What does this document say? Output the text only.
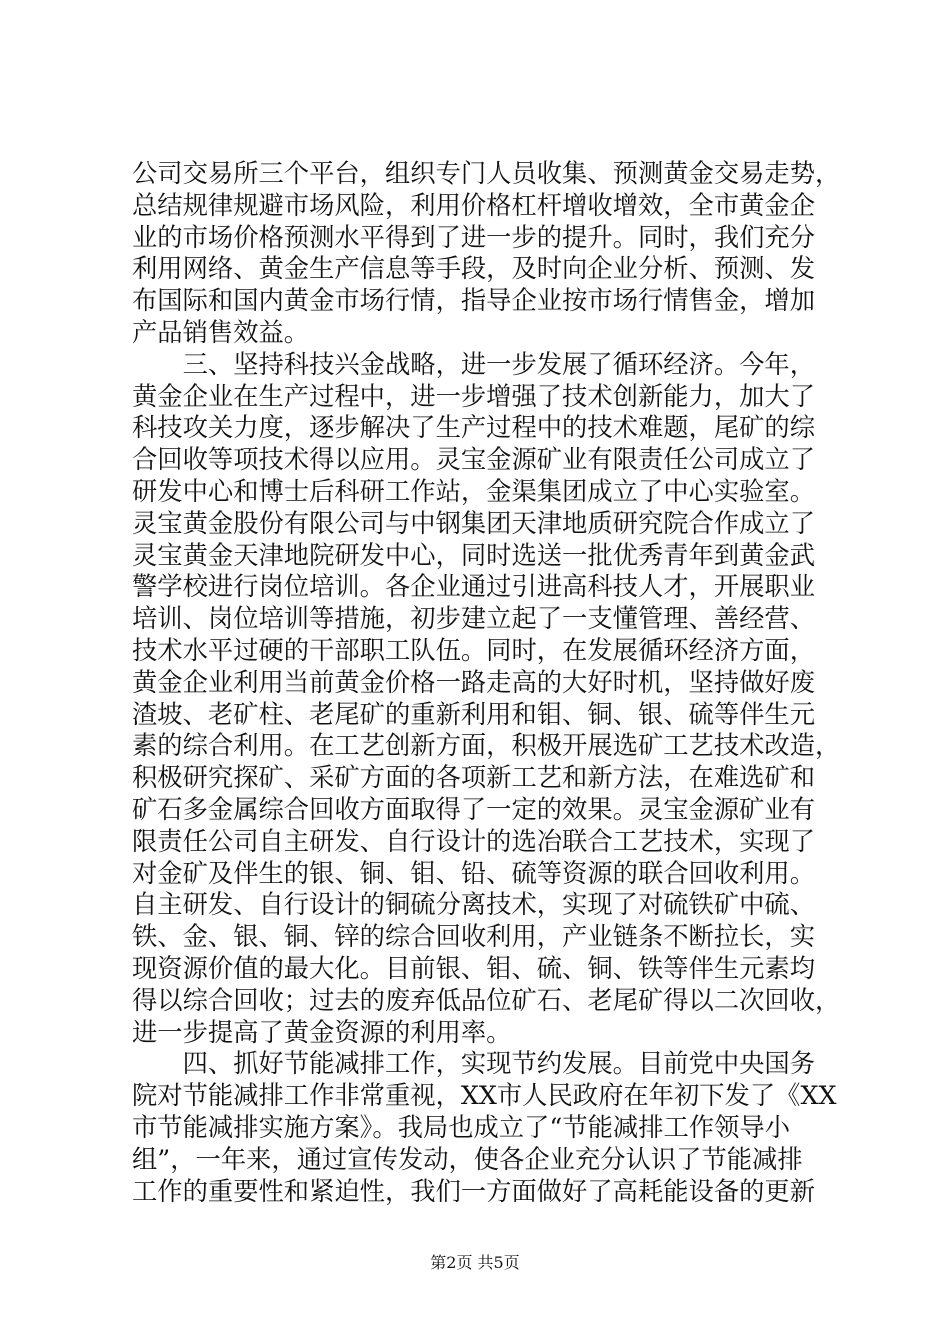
公司交易所三个平台，组织专门人员收集、预测黄金交易走势，
总结规律规避市场风险，利用价格杠杆增收增效，全市黄金企
业的市场价格预测水平得到了进一步的提升。同时，我们充分
利用网络、黄金生产信息等手段，及时向企业分析、预测、发
布国际和国内黄金市场行情，指导企业按市场行情售金，增加
产品销售效益。
　　三、坚持科技兴金战略，进一步发展了循环经济。今年，
黄金企业在生产过程中，进一步增强了技术创新能力，加大了
科技攻关力度，逐步解决了生产过程中的技术难题，尾矿的综
合回收等项技术得以应用。灵宝金源矿业有限责任公司成立了
研发中心和博士后科研工作站，金渠集团成立了中心实验室。
灵宝黄金股份有限公司与中钢集团天津地质研究院合作成立了
灵宝黄金天津地院研发中心，同时选送一批优秀青年到黄金武
警学校进行岗位培训。各企业通过引进高科技人才，开展职业
培训、岗位培训等措施，初步建立起了一支懂管理、善经营、
技术水平过硬的干部职工队伍。同时，在发展循环经济方面，
黄金企业利用当前黄金价格一路走高的大好时机，坚持做好废
渣坡、老矿柱、老尾矿的重新利用和钼、铜、银、硫等伴生元
素的综合利用。在工艺创新方面，积极开展选矿工艺技术改造，
积极研究探矿、采矿方面的各项新工艺和新方法，在难选矿和
矿石多金属综合回收方面取得了一定的效果。灵宝金源矿业有
限责任公司自主研发、自行设计的选冶联合工艺技术，实现了
对金矿及伴生的银、铜、钼、铅、硫等资源的联合回收利用。
自主研发、自行设计的铜硫分离技术，实现了对硫铁矿中硫、
铁、金、银、铜、锌的综合回收利用，产业链条不断拉长，实
现资源价值的最大化。目前银、钼、硫、铜、铁等伴生元素均
得以综合回收；过去的废弃低品位矿石、老尾矿得以二次回收，
进一步提高了黄金资源的利用率。
　　四、抓好节能减排工作，实现节约发展。目前党中央国务
院对节能减排工作非常重视，XX市人民政府在年初下发了《XX
市节能减排实施方案》。我局也成立了“节能减排工作领导小
组”，一年来，通过宣传发动，使各企业充分认识了节能减排
工作的重要性和紧迫性，我们一方面做好了高耗能设备的更新
第2页 共5页
